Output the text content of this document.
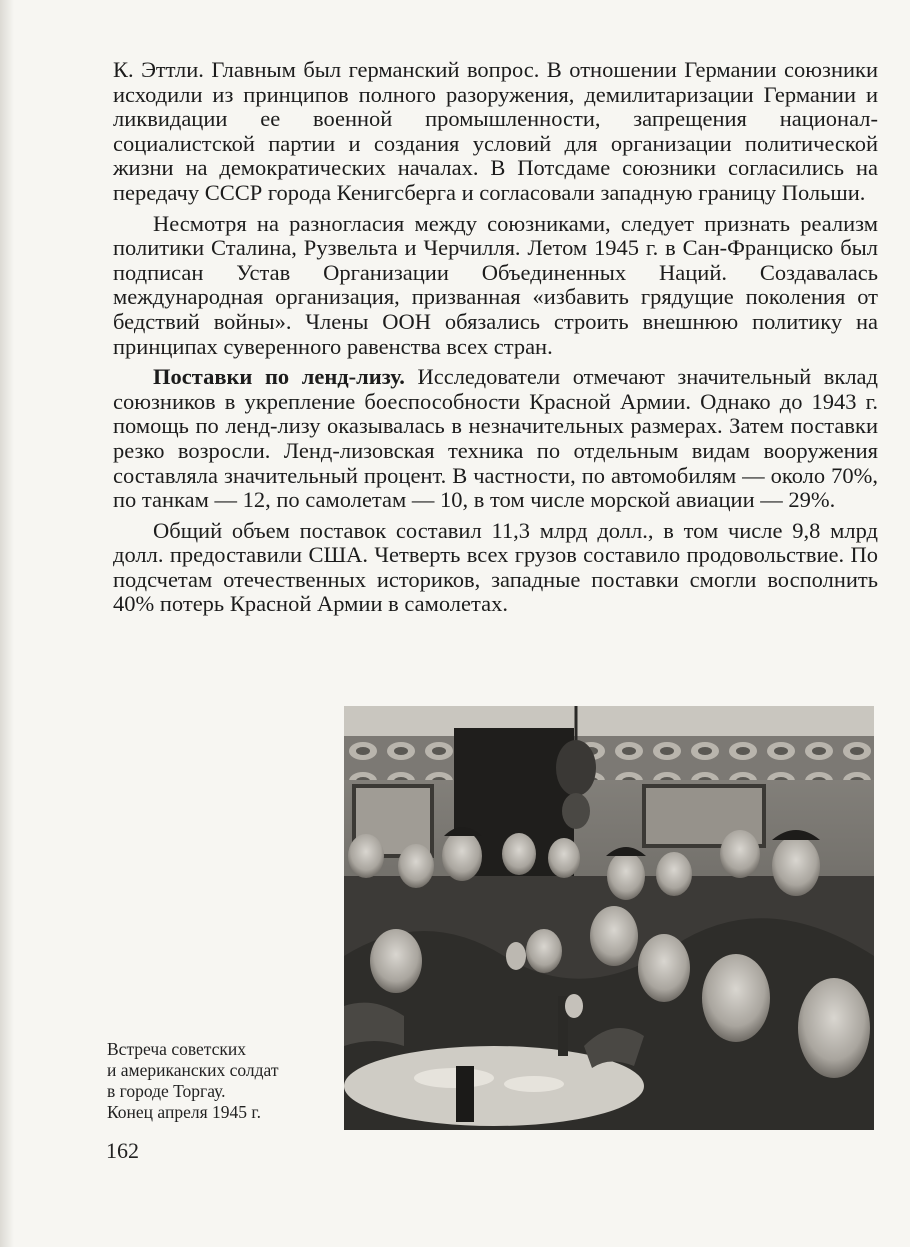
К. Эттли. Главным был германский вопрос. В отношении Германии союзники исходили из принципов полного разоружения, демилитаризации Германии и ликвидации ее военной промышленности, запрещения национал-социалистской партии и создания условий для организации политической жизни на демократических началах. В Потсдаме союзники согласились на передачу СССР города Кенигсберга и согласовали западную границу Польши.

Несмотря на разногласия между союзниками, следует признать реализм политики Сталина, Рузвельта и Черчилля. Летом 1945 г. в Сан-Франциско был подписан Устав Организации Объединенных Наций. Создавалась международная организация, призванная «избавить грядущие поколения от бедствий войны». Члены ООН обязались строить внешнюю политику на принципах суверенного равенства всех стран.

Поставки по ленд-лизу. Исследователи отмечают значительный вклад союзников в укрепление боеспособности Красной Армии. Однако до 1943 г. помощь по ленд-лизу оказывалась в незначительных размерах. Затем поставки резко возросли. Ленд-лизовская техника по отдельным видам вооружения составляла значительный процент. В частности, по автомобилям — около 70%, по танкам — 12, по самолетам — 10, в том числе морской авиации — 29%.

Общий объем поставок составил 11,3 млрд долл., в том числе 9,8 млрд долл. предоставили США. Четверть всех грузов составило продовольствие. По подсчетам отечественных историков, западные поставки смогли восполнить 40% потерь Красной Армии в самолетах.

Встреча советских
и американских солдат
в городе Торгау.
Конец апреля 1945 г.
162
